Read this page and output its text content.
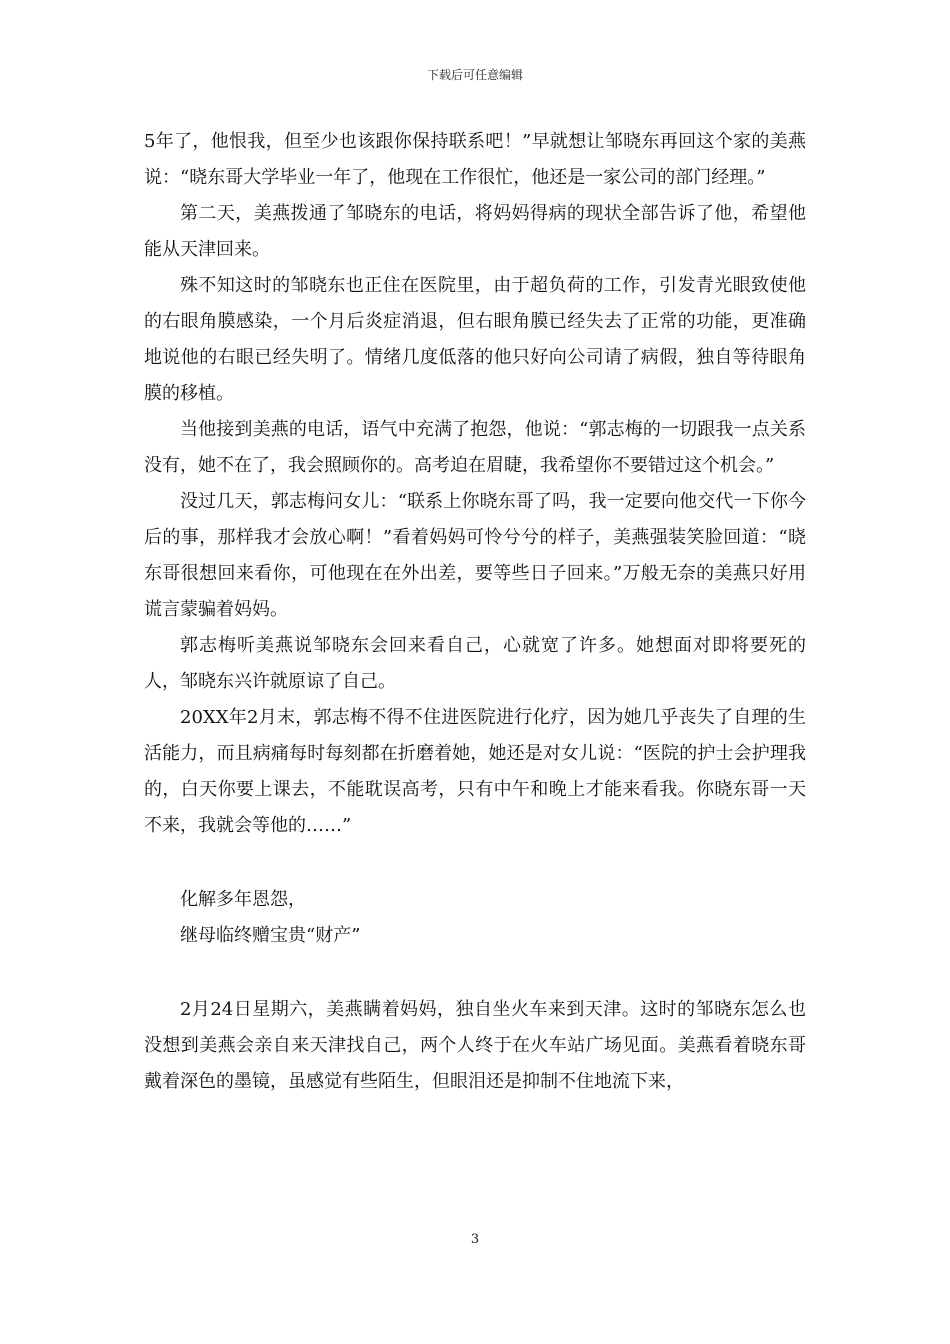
下载后可任意编辑

5年了，他恨我，但至少也该跟你保持联系吧！”早就想让邹晓东再回这个家的美燕说：“晓东哥大学毕业一年了，他现在工作很忙，他还是一家公司的部门经理。”

第二天，美燕拨通了邹晓东的电话，将妈妈得病的现状全部告诉了他，希望他能从天津回来。

殊不知这时的邹晓东也正住在医院里，由于超负荷的工作，引发青光眼致使他的右眼角膜感染，一个月后炎症消退，但右眼角膜已经失去了正常的功能，更准确地说他的右眼已经失明了。情绪几度低落的他只好向公司请了病假，独自等待眼角膜的移植。

当他接到美燕的电话，语气中充满了抱怨，他说：“郭志梅的一切跟我一点关系没有，她不在了，我会照顾你的。高考迫在眉睫，我希望你不要错过这个机会。”

没过几天，郭志梅问女儿：“联系上你晓东哥了吗，我一定要向他交代一下你今后的事，那样我才会放心啊！”看着妈妈可怜兮兮的样子，美燕强装笑脸回道：“晓东哥很想回来看你，可他现在在外出差，要等些日子回来。”万般无奈的美燕只好用谎言蒙骗着妈妈。

郭志梅听美燕说邹晓东会回来看自己，心就宽了许多。她想面对即将要死的人，邹晓东兴许就原谅了自己。

20XX年2月末，郭志梅不得不住进医院进行化疗，因为她几乎丧失了自理的生活能力，而且病痛每时每刻都在折磨着她，她还是对女儿说：“医院的护士会护理我的，白天你要上课去，不能耽误高考，只有中午和晚上才能来看我。你晓东哥一天不来，我就会等他的……”

化解多年恩怨，

继母临终赠宝贵“财产”

2月24日星期六，美燕瞒着妈妈，独自坐火车来到天津。这时的邹晓东怎么也没想到美燕会亲自来天津找自己，两个人终于在火车站广场见面。美燕看着晓东哥戴着深色的墨镜，虽感觉有些陌生，但眼泪还是抑制不住地流下来，

3
